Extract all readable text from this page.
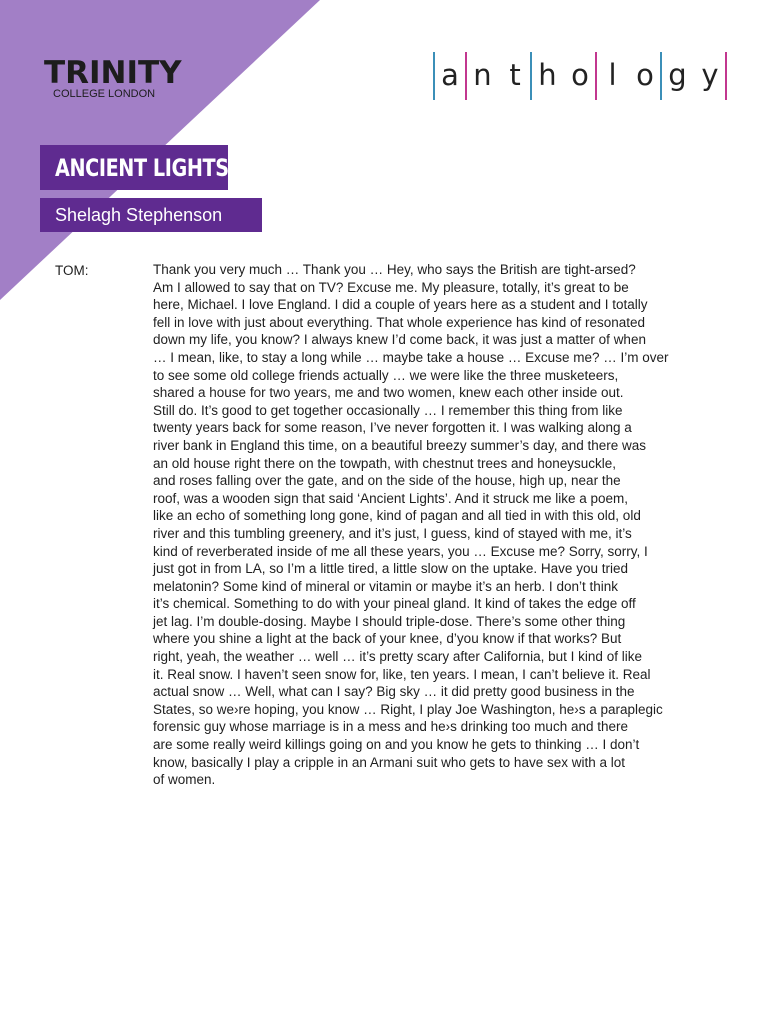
TRINITY
COLLEGE LONDON
a n t h o l o g y
ANCIENT LIGHTS
Shelagh Stephenson
TOM:	Thank you very much … Thank you … Hey, who says the British are tight-arsed?
Am I allowed to say that on TV? Excuse me. My pleasure, totally, it’s great to be
here, Michael. I love England. I did a couple of years here as a student and I totally
fell in love with just about everything. That whole experience has kind of resonated
down my life, you know? I always knew I’d come back, it was just a matter of when
… I mean, like, to stay a long while … maybe take a house … Excuse me? … I’m over
to see some old college friends actually … we were like the three musketeers,
shared a house for two years, me and two women, knew each other inside out.
Still do. It’s good to get together occasionally … I remember this thing from like
twenty years back for some reason, I’ve never forgotten it. I was walking along a
river bank in England this time, on a beautiful breezy summer’s day, and there was
an old house right there on the towpath, with chestnut trees and honeysuckle,
and roses falling over the gate, and on the side of the house, high up, near the
roof, was a wooden sign that said ‘Ancient Lights’. And it struck me like a poem,
like an echo of something long gone, kind of pagan and all tied in with this old, old
river and this tumbling greenery, and it’s just, I guess, kind of stayed with me, it’s
kind of reverberated inside of me all these years, you … Excuse me? Sorry, sorry, I
just got in from LA, so I’m a little tired, a little slow on the uptake. Have you tried
melatonin? Some kind of mineral or vitamin or maybe it’s an herb. I don’t think
it’s chemical. Something to do with your pineal gland. It kind of takes the edge off
jet lag. I’m double-dosing. Maybe I should triple-dose. There’s some other thing
where you shine a light at the back of your knee, d’you know if that works? But
right, yeah, the weather … well … it’s pretty scary after California, but I kind of like
it. Real snow. I haven’t seen snow for, like, ten years. I mean, I can’t believe it. Real
actual snow … Well, what can I say? Big sky … it did pretty good business in the
States, so we›re hoping, you know … Right, I play Joe Washington, he›s a paraplegic
forensic guy whose marriage is in a mess and he›s drinking too much and there
are some really weird killings going on and you know he gets to thinking … I don’t
know, basically I play a cripple in an Armani suit who gets to have sex with a lot
of women.
